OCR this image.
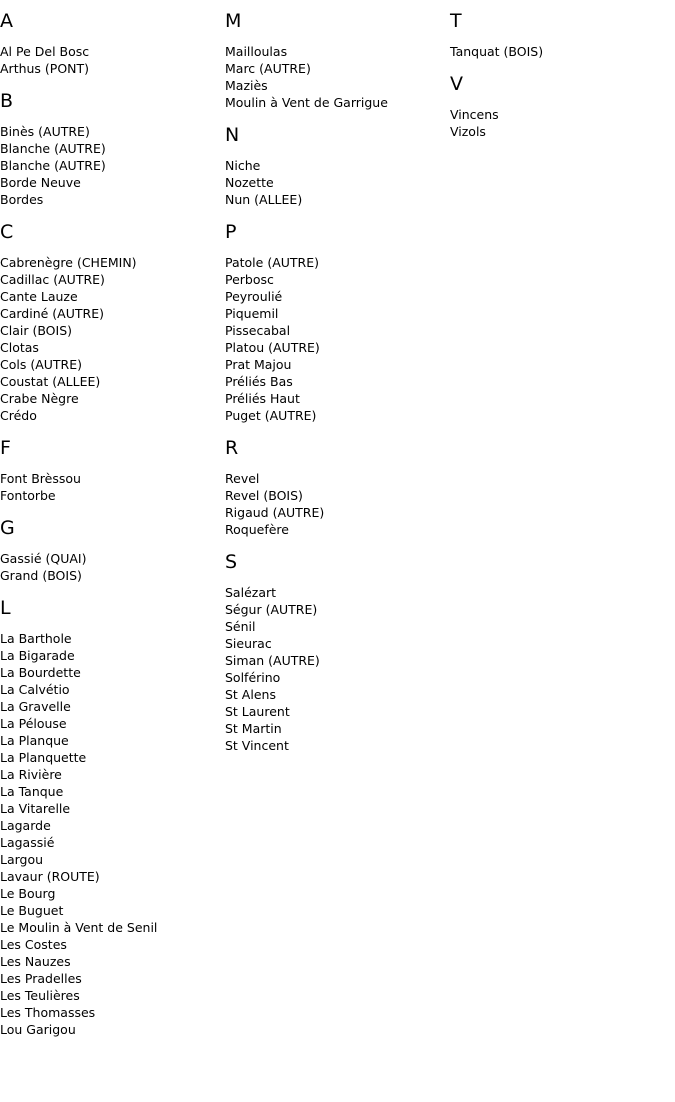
A
Al Pe Del Bosc
Arthus (PONT)
B
Binès (AUTRE)
Blanche (AUTRE)
Blanche (AUTRE)
Borde Neuve
Bordes
C
Cabrenègre (CHEMIN)
Cadillac (AUTRE)
Cante Lauze
Cardiné (AUTRE)
Clair (BOIS)
Clotas
Cols (AUTRE)
Coustat (ALLEE)
Crabe Nègre
Crédo
F
Font Brèssou
Fontorbe
G
Gassié (QUAI)
Grand (BOIS)
L
La Barthole
La Bigarade
La Bourdette
La Calvétio
La Gravelle
La Pélouse
La Planque
La Planquette
La Rivière
La Tanque
La Vitarelle
Lagarde
Lagassié
Largou
Lavaur (ROUTE)
Le Bourg
Le Buguet
Le Moulin à Vent de Senil
Les Costes
Les Nauzes
Les Pradelles
Les Teulières
Les Thomasses
Lou Garigou
M
Mailloulas
Marc (AUTRE)
Maziès
Moulin à Vent de Garrigue
N
Niche
Nozette
Nun (ALLEE)
P
Patole (AUTRE)
Perbosc
Peyroulié
Piquemil
Pissecabal
Platou (AUTRE)
Prat Majou
Préliés Bas
Préliés Haut
Puget (AUTRE)
R
Revel
Revel (BOIS)
Rigaud (AUTRE)
Roquefère
S
Salézart
Ségur (AUTRE)
Sénil
Sieurac
Siman (AUTRE)
Solférino
St Alens
St Laurent
St Martin
St Vincent
T
Tanquat (BOIS)
V
Vincens
Vizols
